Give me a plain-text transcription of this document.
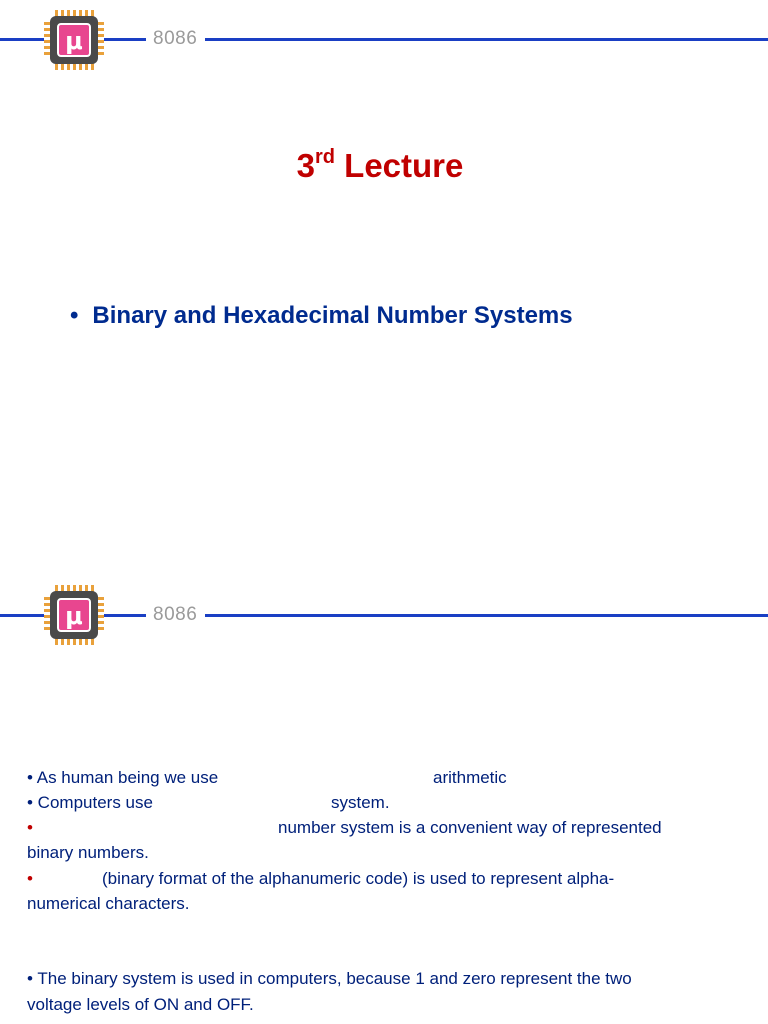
μ	8086
3rd Lecture
• Binary and Hexadecimal Number Systems
μ	8086
• As human being we use	arithmetic
• Computers use	system.
•	number system is a convenient way of represented
binary numbers.
•	(binary format of the alphanumeric code) is used to represent alpha-
numerical characters.
• The binary system is used in computers, because 1 and zero represent the two
voltage levels of ON and OFF.
